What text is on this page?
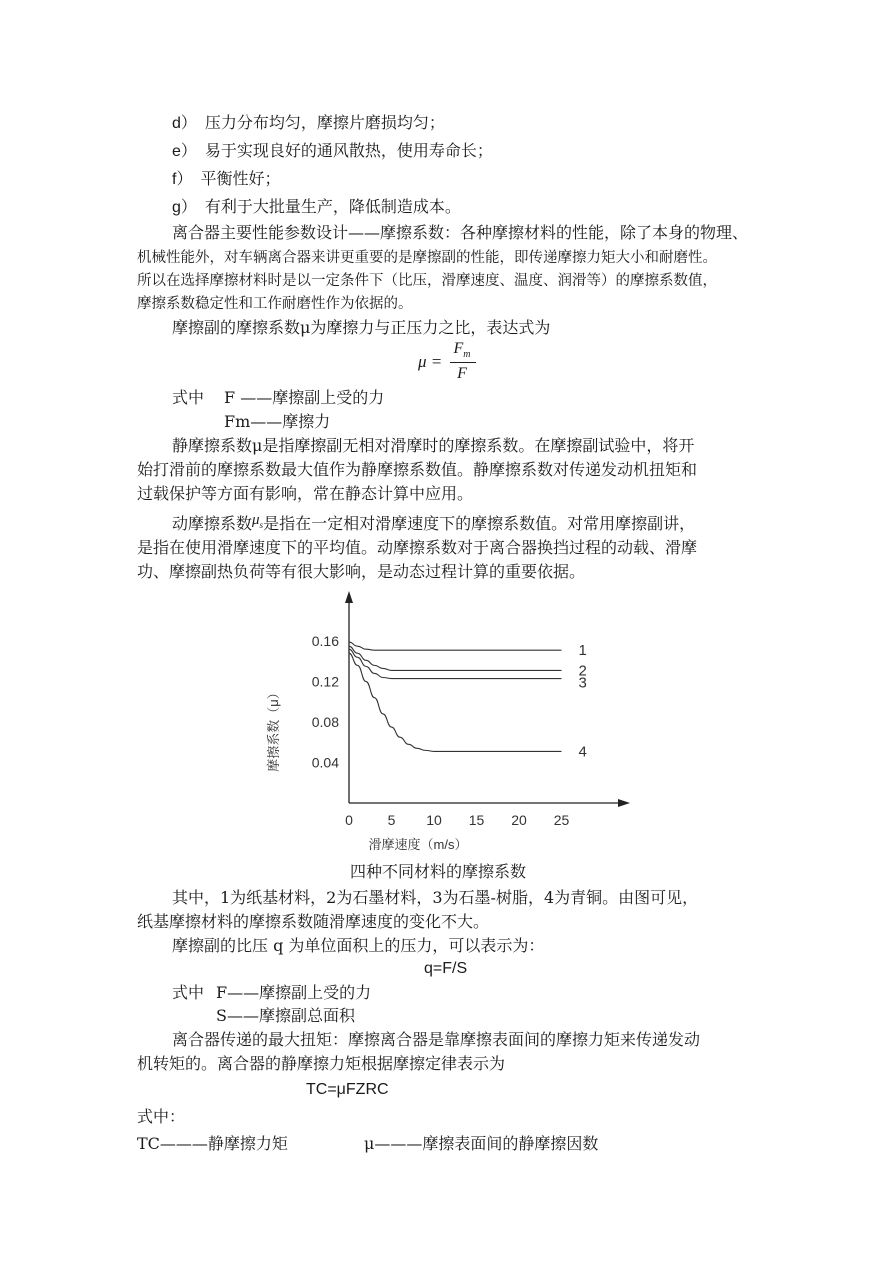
d） 压力分布均匀，摩擦片磨损均匀；
e） 易于实现良好的通风散热，使用寿命长；
f） 平衡性好；
g） 有利于大批量生产，降低制造成本。
离合器主要性能参数设计——摩擦系数：各种摩擦材料的性能，除了本身的物理、
机械性能外，对车辆离合器来讲更重要的是摩擦副的性能，即传递摩擦力矩大小和耐磨性。
所以在选择摩擦材料时是以一定条件下（比压，滑摩速度、温度、润滑等）的摩擦系数值，
摩擦系数稳定性和工作耐磨性作为依据的。
摩擦副的摩擦系数μ为摩擦力与正压力之比，表达式为
μ =
$F_m$
F
式中 F ——摩擦副上受的力
Fm——摩擦力
静摩擦系数μ是指摩擦副无相对滑摩时的摩擦系数。在摩擦副试验中，将开
始打滑前的摩擦系数最大值作为静摩擦系数值。静摩擦系数对传递发动机扭矩和
过载保护等方面有影响，常在静态计算中应用。
动摩擦系数$\mu_s$是指在一定相对滑摩速度下的摩擦系数值。对常用摩擦副讲，
是指在使用滑摩速度下的平均值。动摩擦系数对于离合器换挡过程的动载、滑摩
功、摩擦副热负荷等有很大影响，是动态过程计算的重要依据。
0 5 10 15 20 25
0.16
0.12
0.08
0.04
1
2
3
4
摩擦系数（μ）
滑摩速度（m/s）
四种不同材料的摩擦系数
其中，1为纸基材料，2为石墨材料，3为石墨-树脂，4为青铜。由图可见，
纸基摩擦材料的摩擦系数随滑摩速度的变化不大。
摩擦副的比压 q 为单位面积上的压力，可以表示为：
q=F/S
式中 F——摩擦副上受的力
S——摩擦副总面积
离合器传递的最大扭矩：摩擦离合器是靠摩擦表面间的摩擦力矩来传递发动
机转矩的。离合器的静摩擦力矩根据摩擦定律表示为
TC=μFZRC
式中：
TC———静摩擦力矩	μ———摩擦表面间的静摩擦因数
